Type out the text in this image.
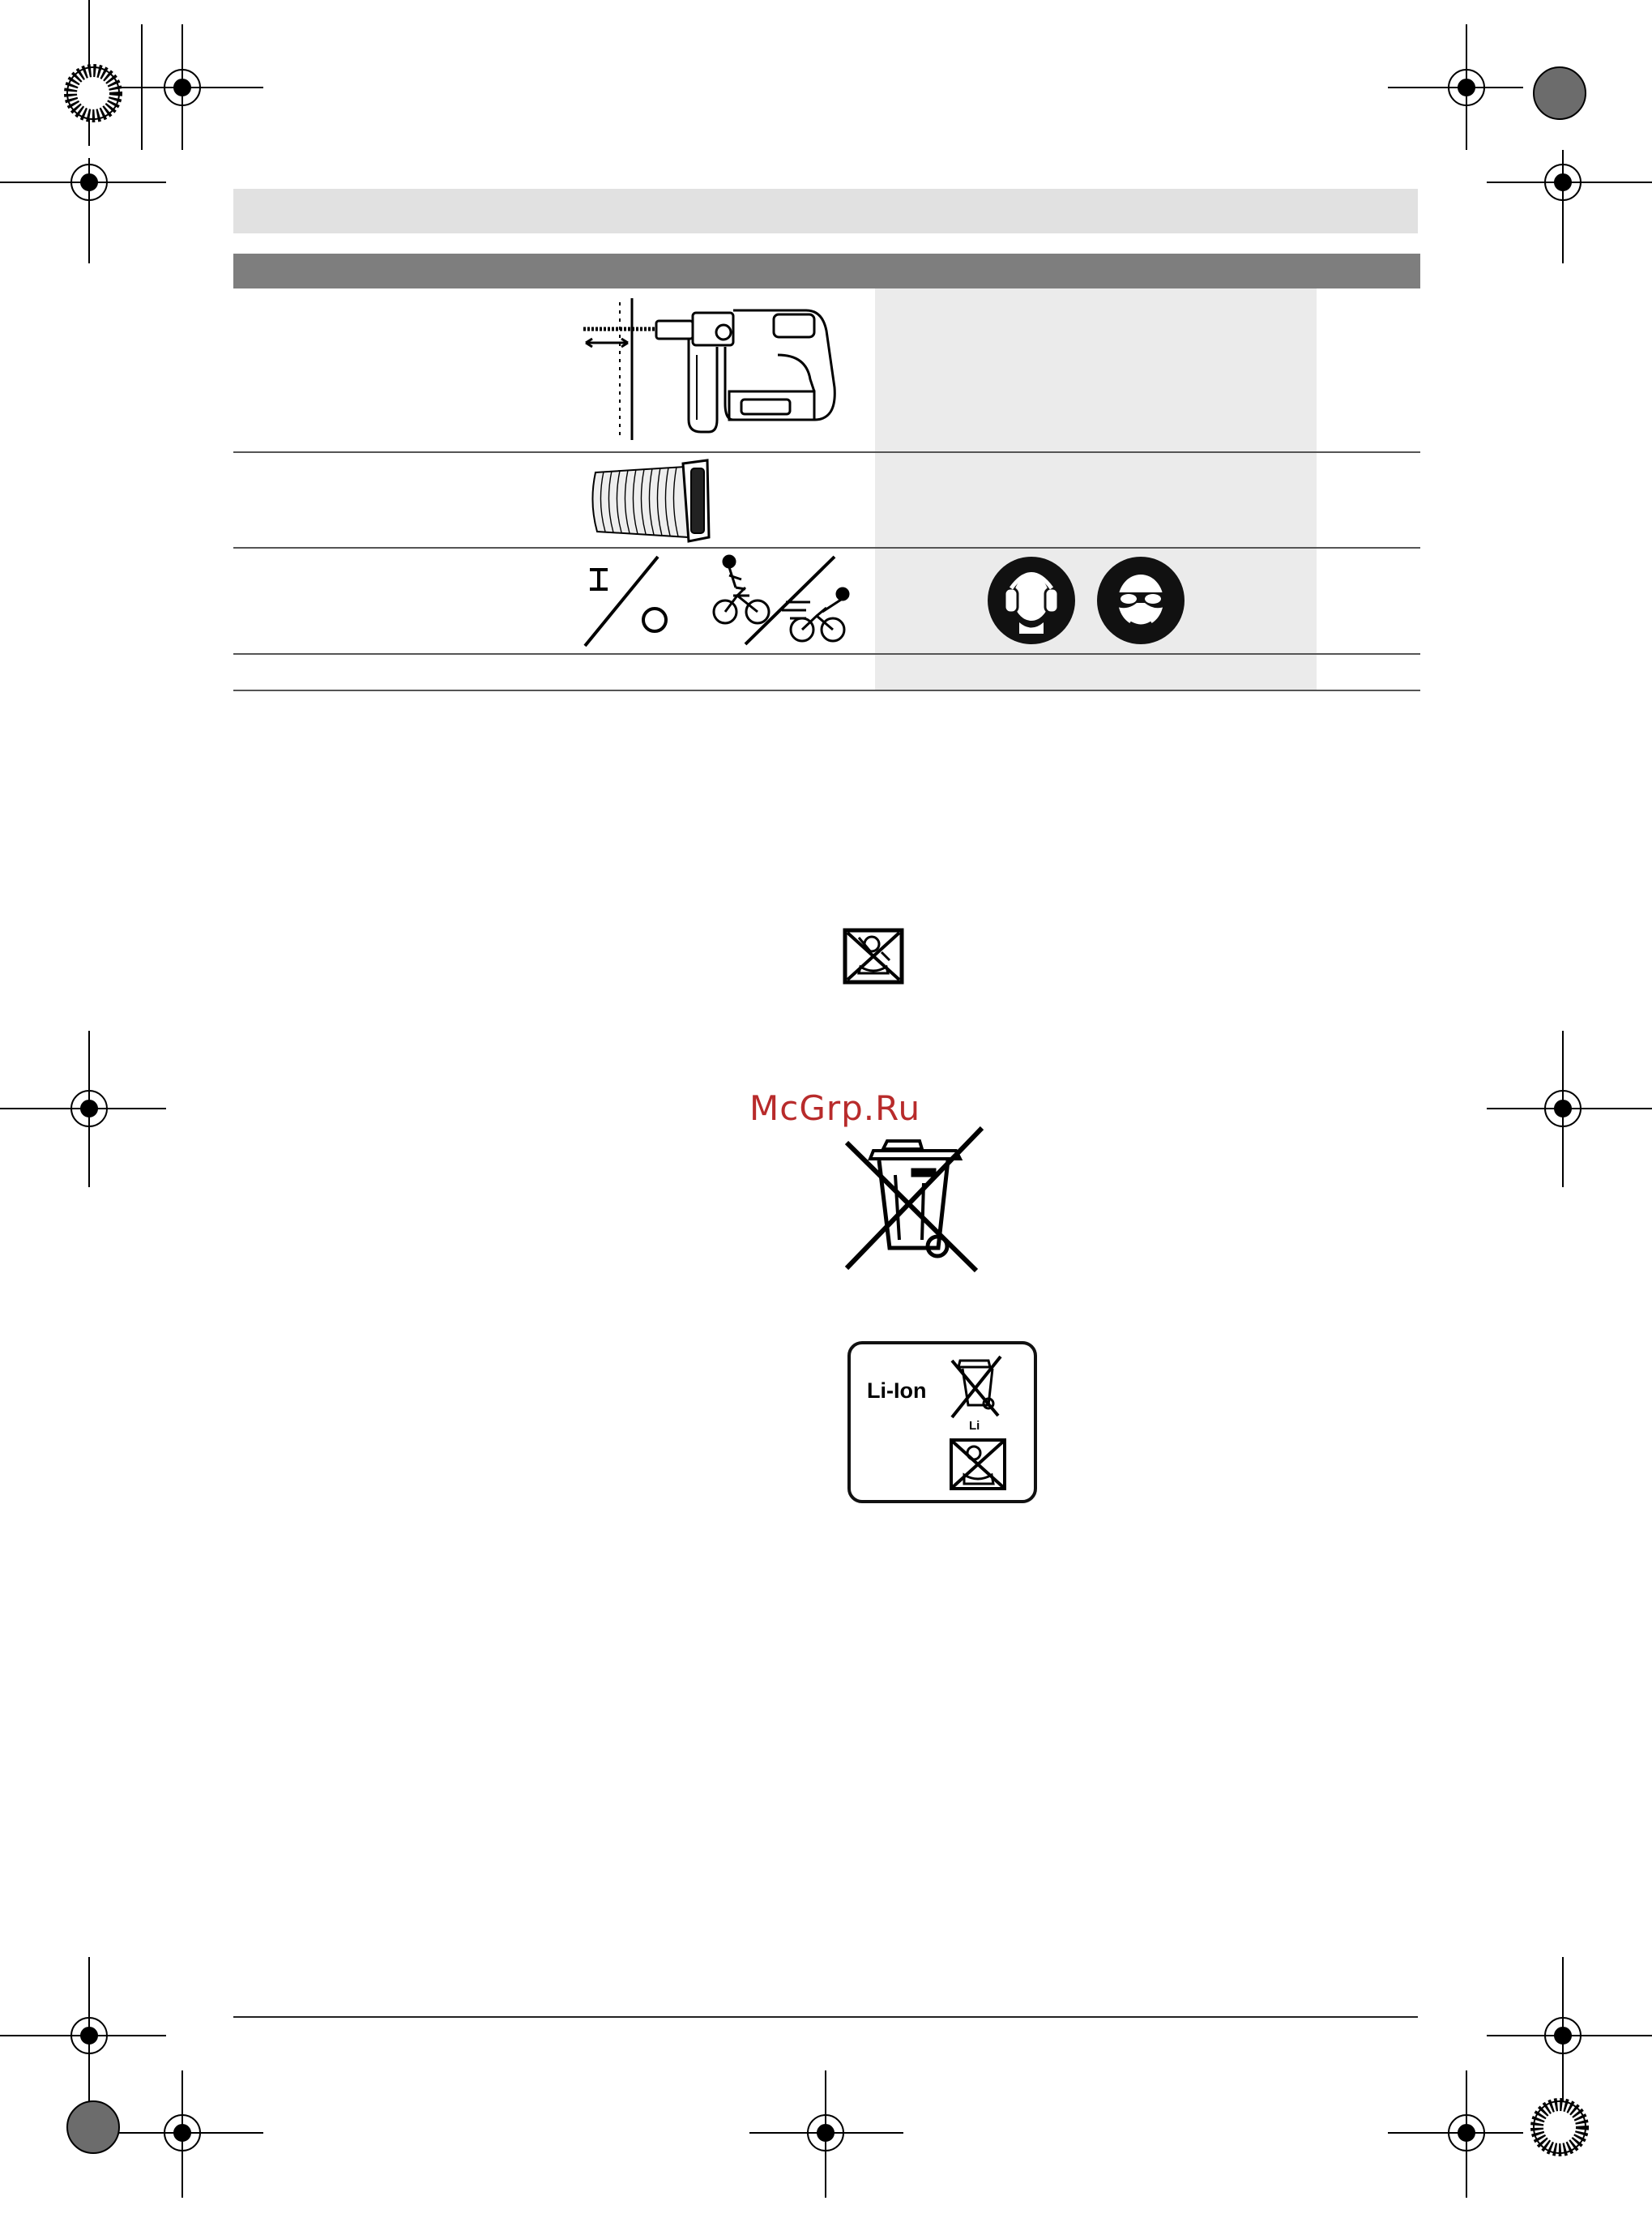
McGrp.Ru
Li-Ion
Li
